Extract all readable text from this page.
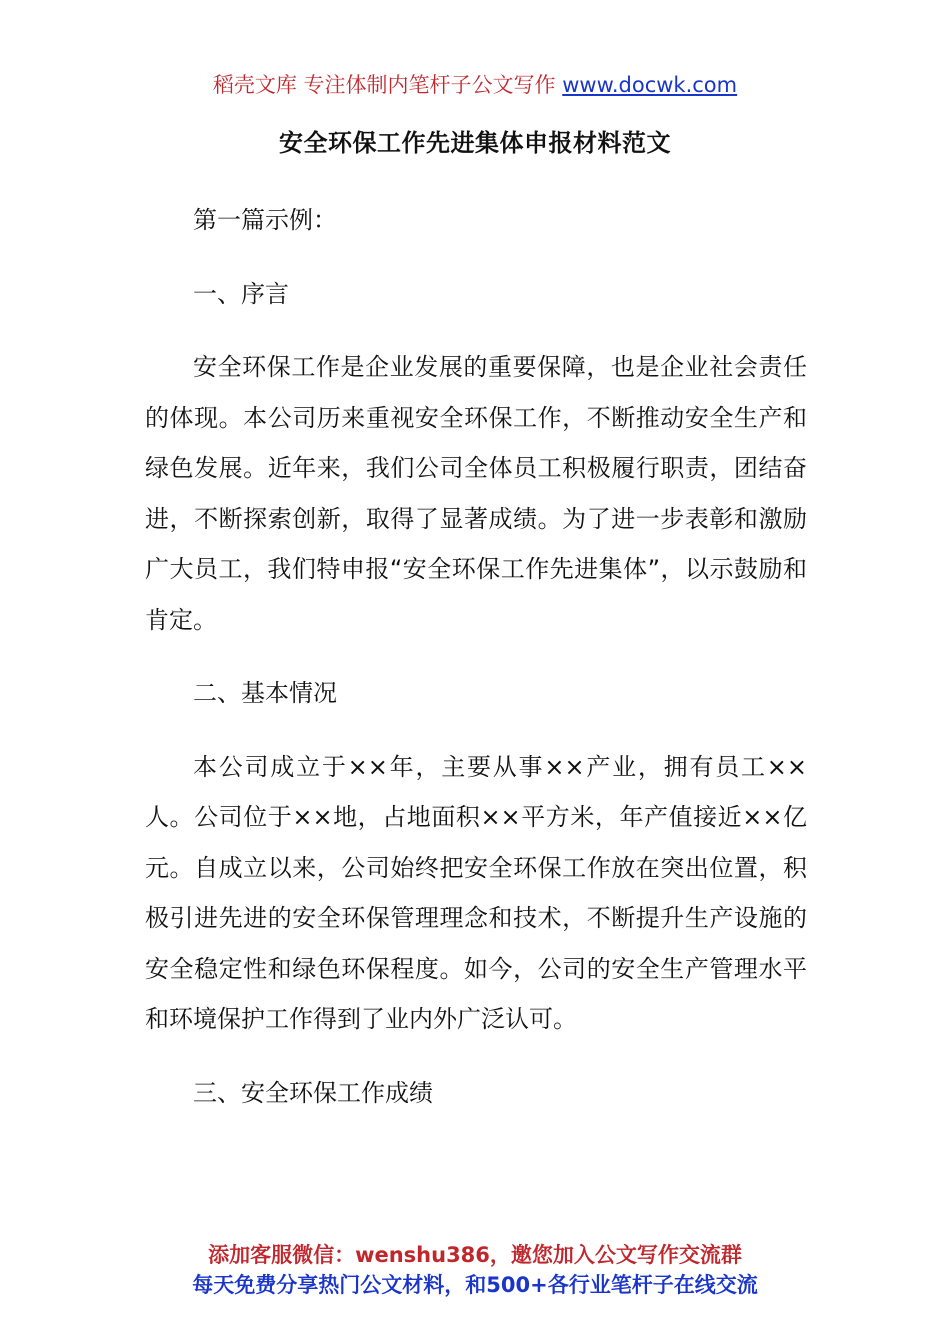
稻壳文库 专注体制内笔杆子公文写作 www.docwk.com
安全环保工作先进集体申报材料范文

第一篇示例：

一、序言

安全环保工作是企业发展的重要保障，也是企业社会责任的体现。本公司历来重视安全环保工作，不断推动安全生产和绿色发展。近年来，我们公司全体员工积极履行职责，团结奋进，不断探索创新，取得了显著成绩。为了进一步表彰和激励广大员工，我们特申报“安全环保工作先进集体”，以示鼓励和肯定。

二、基本情况

本公司成立于××年，主要从事××产业，拥有员工××人。公司位于××地，占地面积××平方米，年产值接近××亿元。自成立以来，公司始终把安全环保工作放在突出位置，积极引进先进的安全环保管理理念和技术，不断提升生产设施的安全稳定性和绿色环保程度。如今，公司的安全生产管理水平和环境保护工作得到了业内外广泛认可。

三、安全环保工作成绩

添加客服微信：wenshu386，邀您加入公文写作交流群
每天免费分享热门公文材料，和500+各行业笔杆子在线交流
